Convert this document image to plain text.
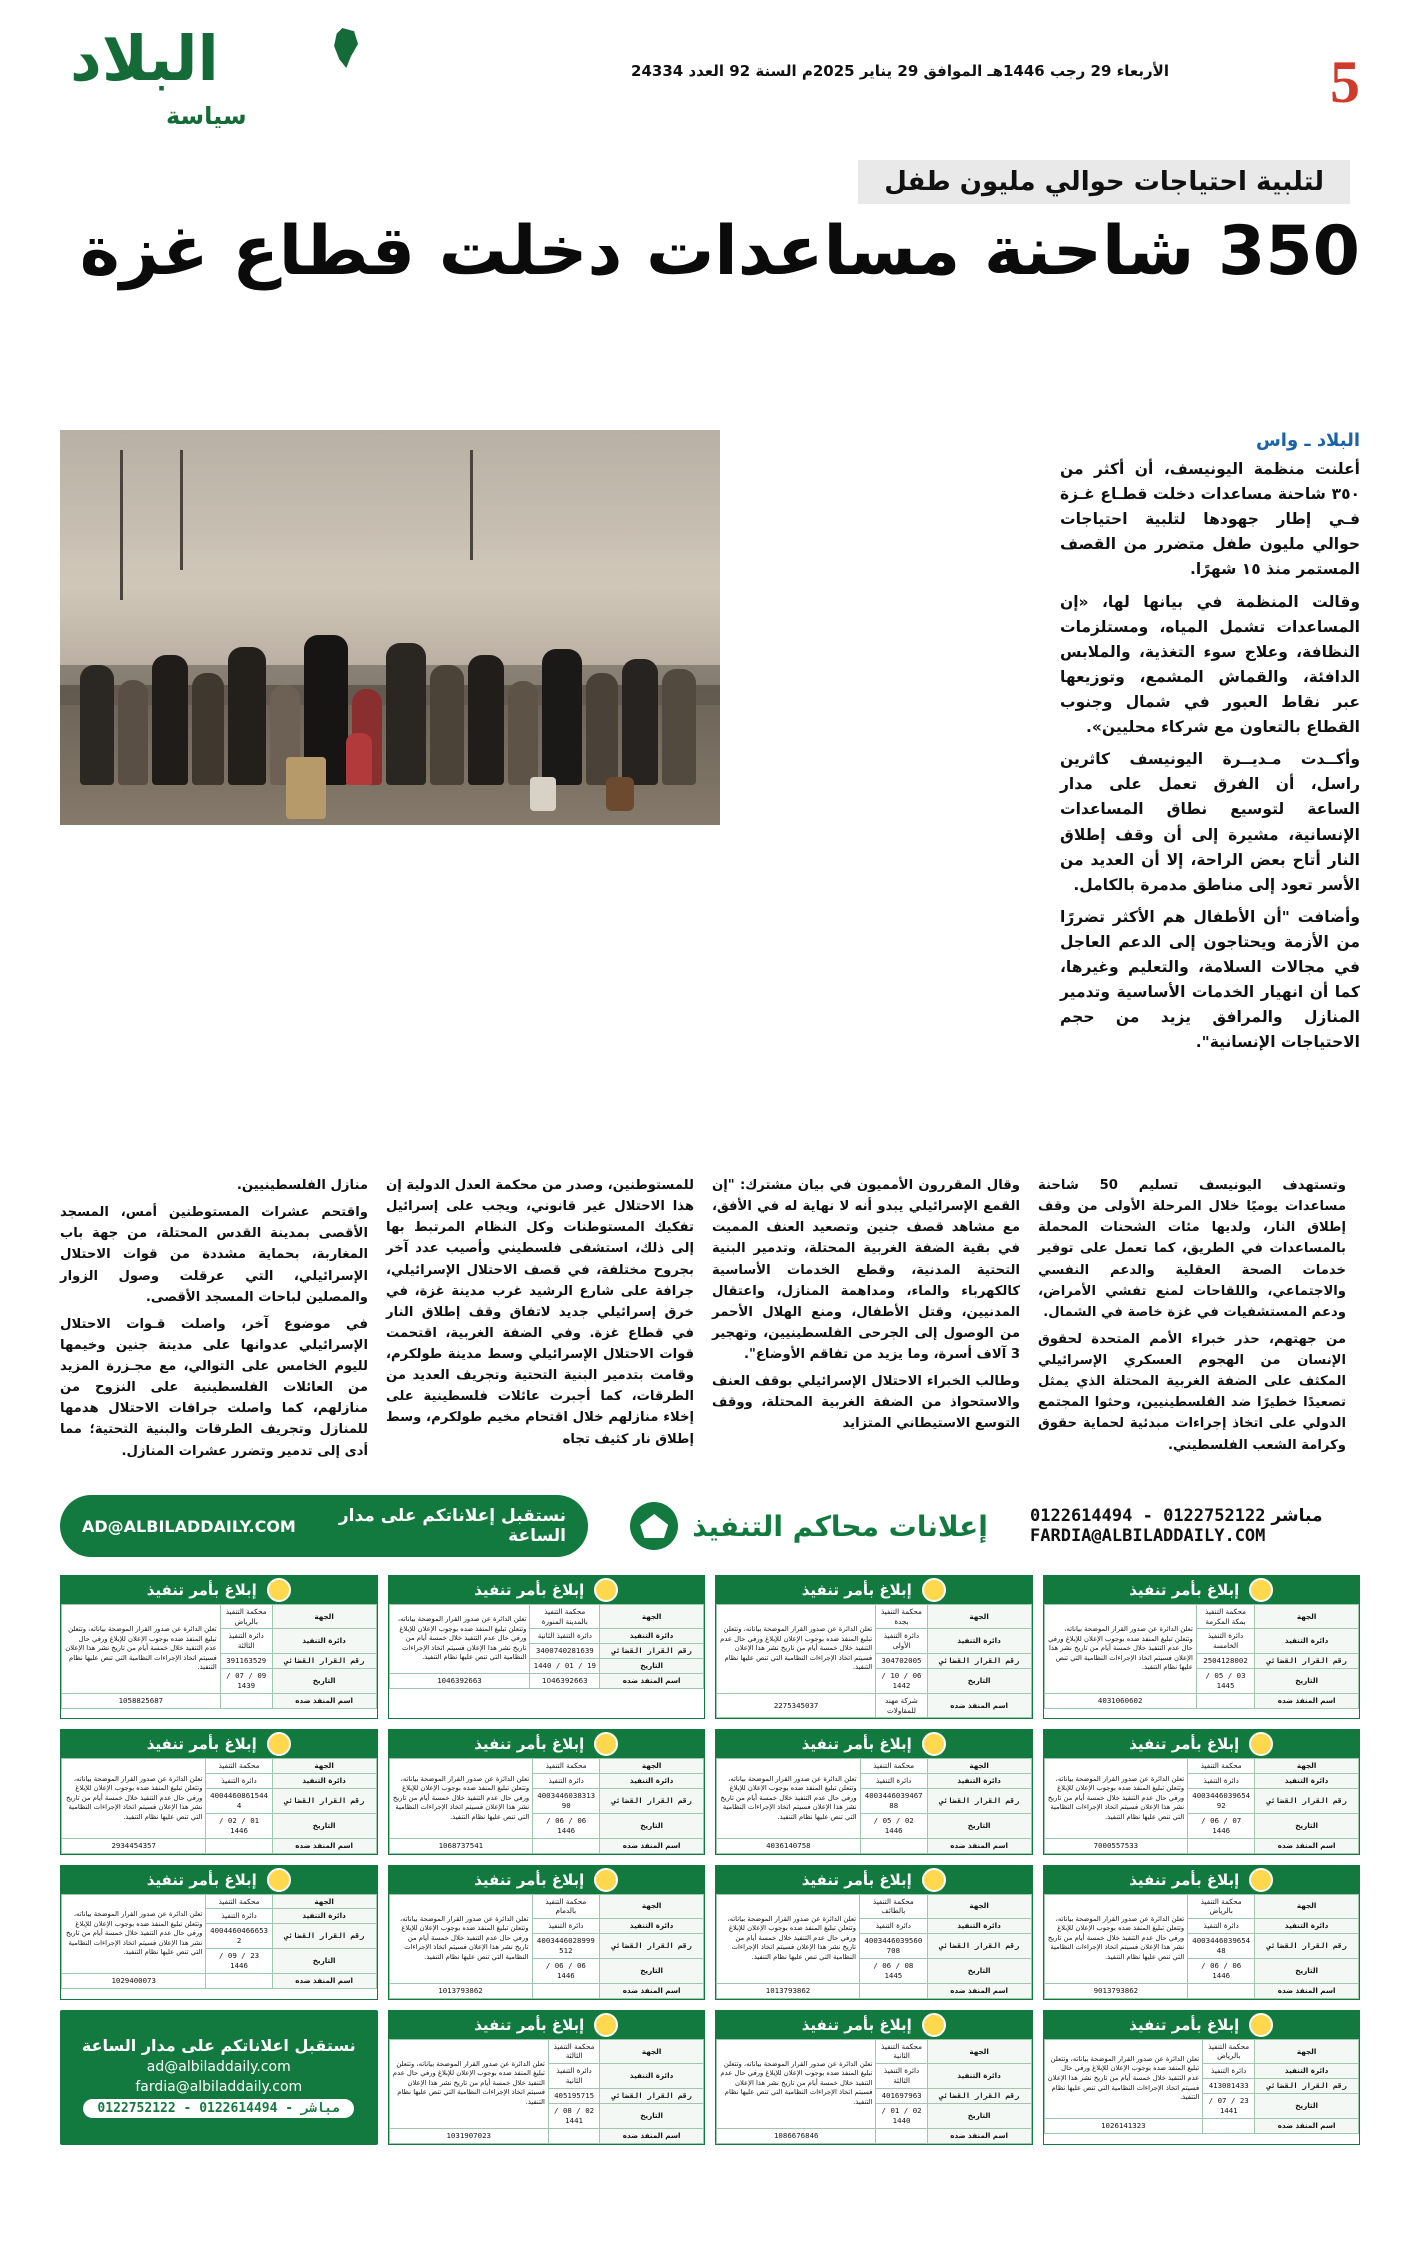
5
البلاد
سياسة
الأربعاء 29 رجب 1446هـ الموافق 29 يناير 2025م السنة 92 العدد 24334
لتلبية احتياجات حوالي مليون طفل
350 شاحنة مساعدات دخلت قطاع غزة
البلاد ـ واس

أعلنت منظمة اليونيسف، أن أكثر من ٣٥٠ شاحنة مساعدات دخلت قطـاع غـزة فـي إطار جهودها لتلبية احتياجات حوالي مليون طفل متضرر من القصف المستمر منذ ١٥ شهرًا.

وقالت المنظمة في بيانها لها، «إن المساعدات تشمل المياه، ومستلزمات النظافة، وعلاج سوء التغذية، والملابس الدافئة، والقماش المشمع، وتوزيعها عبر نقاط العبور في شمال وجنوب القطاع بالتعاون مع شركاء محليين».

وأكــدت مـديــرة اليونيسف كاثرين راسل، أن الفرق تعمل على مدار الساعة لتوسيع نطاق المساعدات الإنسانية، مشيرة إلى أن وقف إطلاق النار أتاح بعض الراحة، إلا أن العديد من الأسر تعود إلى مناطق مدمرة بالكامل.

وأضافت "أن الأطفال هم الأكثر تضررًا من الأزمة ويحتاجون إلى الدعم العاجل في مجالات السلامة، والتعليم وغيرها، كما أن انهيار الخدمات الأساسية وتدمير المنازل والمرافق يزيد من حجم الاحتياجات الإنسانية".

منازل الفلسطينيين.

واقتحم عشرات المستوطنين أمس، المسجد الأقصى بمدينة القدس المحتلة، من جهة باب المغاربة، بحماية مشددة من قوات الاحتلال الإسرائيلي، التي عرقلت وصول الزوار والمصلين لباحات المسجد الأقصى.

في موضوع آخر، واصلت قـوات الاحتلال الإسرائيلي عدوانها على مدينة جنين وخيمها لليوم الخامس على التوالي، مع مجـزرة المزيد من العائلات الفلسطينية على النزوح من منازلهم، كما واصلت جرافات الاحتلال هدمها للمنازل وتجريف الطرقات والبنية التحتية؛ مما أدى إلى تدمير وتضرر عشرات المنازل.

للمستوطنين، وصدر من محكمة العدل الدولية إن هذا الاحتلال غير قانوني، ويجب على إسرائيل تفكيك المستوطنات وكل النظام المرتبط بها إلى ذلك، استشفى فلسطيني وأصيب عدد آخر بجروح مختلفة، في قصف الاحتلال الإسرائيلي، جرافة على شارع الرشيد غرب مدينة غزة، في خرق إسرائيلي جديد لاتفاق وقف إطلاق النار في قطاع غزة. وفي الضفة الغربية، اقتحمت قوات الاحتلال الإسرائيلي وسط مدينة طولكرم، وقامت بتدمير البنية التحتية وتجريف العديد من الطرقات، كما أجبرت عائلات فلسطينية على إخلاء منازلهم خلال اقتحام مخيم طولكرم، وسط إطلاق نار كثيف تجاه

وقال المقررون الأمميون في بيان مشترك: "إن القمع الإسرائيلي يبدو أنه لا نهاية له في الأفق، مع مشاهد قصف جنين وتصعيد العنف المميت في بقية الضفة الغربية المحتلة، وتدمير البنية التحتية المدنية، وقطع الخدمات الأساسية كالكهرباء والماء، ومداهمة المنازل، واعتقال المدنيين، وقتل الأطفال، ومنع الهلال الأحمر من الوصول إلى الجرحى الفلسطينيين، وتهجير 3 آلاف أسرة، وما يزيد من تفاقم الأوضاع".

وطالب الخبراء الاحتلال الإسرائيلي بوقف العنف والاستحواذ من الضفة الغربية المحتلة، ووقف التوسع الاستيطاني المتزايد

وتستهدف اليونيسف تسليم 50 شاحنة مساعدات يوميًا خلال المرحلة الأولى من وقف إطلاق النار، ولديها مئات الشحنات المحملة بالمساعدات في الطريق، كما تعمل على توفير خدمات الصحة العقلية والدعم النفسي والاجتماعي، واللقاحات لمنع تفشي الأمراض، ودعم المستشفيات في غزة خاصة في الشمال.

من جهتهم، حذر خبراء الأمم المتحدة لحقوق الإنسان من الهجوم العسكري الإسرائيلي المكثف على الضفة الغربية المحتلة الذي يمثل تصعيدًا خطيرًا ضد الفلسطينيين، وحثوا المجتمع الدولي على اتخاذ إجراءات مبدئية لحماية حقوق وكرامة الشعب الفلسطيني.

نستقبل إعلاناتكم على مدار الساعة
AD@ALBILADDAILY.COM	إعلانات محاكم التنفيذ	مباشر 0122752122 - 0122614494
FARDIA@ALBILADDAILY.COM
إبلاغ بأمر تنفيذ
الجهة	محكمة التنفيذ بمكة المكرمة	تعلن الدائرة عن صدور القرار الموضحة بياناته، وتتعلن تبليغ المنفذ ضده بوجوب الإعلان للإبلاغ ورفي حال عدم التنفيذ خلال خمسة أيام من تاريخ نشر هذا الإعلان فسيتم اتخاذ الإجراءات النظامية التي تنص عليها نظام التنفيذ.
دائرة التنفيذ	دائرة التنفيذ الخامسة	
رقم القرار القضائي	2504128002	
التاريخ	03 / 05 / 1445	
اسم المنفذ ضده		4031060602
إبلاغ بأمر تنفيذ
الجهة	محكمة التنفيذ بجدة	تعلن الدائرة عن صدور القرار الموضحة بياناته، وتتعلن تبليغ المنفذ ضده بوجوب الإعلان للإبلاغ ورفي حال عدم التنفيذ خلال خمسة أيام من تاريخ نشر هذا الإعلان فسيتم اتخاذ الإجراءات النظامية التي تنص عليها نظام التنفيذ.
دائرة التنفيذ	دائرة التنفيذ الأولى	
رقم القرار القضائي	304702005	
التاريخ	06 / 10 / 1442	
اسم المنفذ ضده	شركة مهند للمقاولات	2275345037
إبلاغ بأمر تنفيذ
الجهة	محكمة التنفيذ بالمدينة المنورة	تعلن الدائرة عن صدور القرار الموضحة بياناته، وتتعلن تبليغ المنفذ ضده بوجوب الإعلان للإبلاغ ورفي حال عدم التنفيذ خلال خمسة أيام من تاريخ نشر هذا الإعلان فسيتم اتخاذ الإجراءات النظامية التي تنص عليها نظام التنفيذ.
دائرة التنفيذ	دائرة التنفيذ الثانية	
رقم القرار القضائي	3400740281639	
التاريخ	19 / 01 / 1440	
اسم المنفذ ضده	1046392663	1046392663
إبلاغ بأمر تنفيذ
الجهة	محكمة التنفيذ بالرياض	تعلن الدائرة عن صدور القرار الموضحة بياناته، وتتعلن تبليغ المنفذ ضده بوجوب الإعلان للإبلاغ ورفي حال عدم التنفيذ خلال خمسة أيام من تاريخ نشر هذا الإعلان فسيتم اتخاذ الإجراءات النظامية التي تنص عليها نظام التنفيذ.
دائرة التنفيذ	دائرة التنفيذ الثالثة	
رقم القرار القضائي	391163529	
التاريخ	09 / 07 / 1439	
اسم المنفذ ضده		1058825687
إبلاغ بأمر تنفيذ
الجهة	محكمة التنفيذ	تعلن الدائرة عن صدور القرار الموضحة بياناته، وتتعلن تبليغ المنفذ ضده بوجوب الإعلان للإبلاغ ورفي حال عدم التنفيذ خلال خمسة أيام من تاريخ نشر هذا الإعلان فسيتم اتخاذ الإجراءات النظامية التي تنص عليها نظام التنفيذ.
دائرة التنفيذ	دائرة التنفيذ	
رقم القرار القضائي	4003446039654 92	
التاريخ	07 / 06 / 1446	
اسم المنفذ ضده		7000557533
إبلاغ بأمر تنفيذ
الجهة	محكمة التنفيذ	تعلن الدائرة عن صدور القرار الموضحة بياناته، وتتعلن تبليغ المنفذ ضده بوجوب الإعلان للإبلاغ ورفي حال عدم التنفيذ خلال خمسة أيام من تاريخ نشر هذا الإعلان فسيتم اتخاذ الإجراءات النظامية التي تنص عليها نظام التنفيذ.
دائرة التنفيذ	دائرة التنفيذ	
رقم القرار القضائي	4003446039467 88	
التاريخ	02 / 05 / 1446	
اسم المنفذ ضده		4036140758
إبلاغ بأمر تنفيذ
الجهة	محكمة التنفيذ	تعلن الدائرة عن صدور القرار الموضحة بياناته، وتتعلن تبليغ المنفذ ضده بوجوب الإعلان للإبلاغ ورفي حال عدم التنفيذ خلال خمسة أيام من تاريخ نشر هذا الإعلان فسيتم اتخاذ الإجراءات النظامية التي تنص عليها نظام التنفيذ.
دائرة التنفيذ	دائرة التنفيذ	
رقم القرار القضائي	4003446038313 90	
التاريخ	06 / 06 / 1446	
اسم المنفذ ضده		1068737541
إبلاغ بأمر تنفيذ
الجهة	محكمة التنفيذ	تعلن الدائرة عن صدور القرار الموضحة بياناته، وتتعلن تبليغ المنفذ ضده بوجوب الإعلان للإبلاغ ورفي حال عدم التنفيذ خلال خمسة أيام من تاريخ نشر هذا الإعلان فسيتم اتخاذ الإجراءات النظامية التي تنص عليها نظام التنفيذ.
دائرة التنفيذ	دائرة التنفيذ	
رقم القرار القضائي	4004460861544 4	
التاريخ	01 / 02 / 1446	
اسم المنفذ ضده		2934454357
إبلاغ بأمر تنفيذ
الجهة	محكمة التنفيذ بالرياض	تعلن الدائرة عن صدور القرار الموضحة بياناته، وتتعلن تبليغ المنفذ ضده بوجوب الإعلان للإبلاغ ورفي حال عدم التنفيذ خلال خمسة أيام من تاريخ نشر هذا الإعلان فسيتم اتخاذ الإجراءات النظامية التي تنص عليها نظام التنفيذ.
دائرة التنفيذ	دائرة التنفيذ	
رقم القرار القضائي	4003446039654 48	
التاريخ	06 / 06 / 1446	
اسم المنفذ ضده		9013793862
إبلاغ بأمر تنفيذ
الجهة	محكمة التنفيذ بالطائف	تعلن الدائرة عن صدور القرار الموضحة بياناته، وتتعلن تبليغ المنفذ ضده بوجوب الإعلان للإبلاغ ورفي حال عدم التنفيذ خلال خمسة أيام من تاريخ نشر هذا الإعلان فسيتم اتخاذ الإجراءات النظامية التي تنص عليها نظام التنفيذ.
دائرة التنفيذ	دائرة التنفيذ	
رقم القرار القضائي	4003446039560 708	
التاريخ	08 / 06 / 1445	
اسم المنفذ ضده		1013793862
إبلاغ بأمر تنفيذ
الجهة	محكمة التنفيذ بالدمام	تعلن الدائرة عن صدور القرار الموضحة بياناته، وتتعلن تبليغ المنفذ ضده بوجوب الإعلان للإبلاغ ورفي حال عدم التنفيذ خلال خمسة أيام من تاريخ نشر هذا الإعلان فسيتم اتخاذ الإجراءات النظامية التي تنص عليها نظام التنفيذ.
دائرة التنفيذ	دائرة التنفيذ	
رقم القرار القضائي	4003446028999 512	
التاريخ	06 / 06 / 1446	
اسم المنفذ ضده		1013793862
إبلاغ بأمر تنفيذ
الجهة	محكمة التنفيذ	تعلن الدائرة عن صدور القرار الموضحة بياناته، وتتعلن تبليغ المنفذ ضده بوجوب الإعلان للإبلاغ ورفي حال عدم التنفيذ خلال خمسة أيام من تاريخ نشر هذا الإعلان فسيتم اتخاذ الإجراءات النظامية التي تنص عليها نظام التنفيذ.
دائرة التنفيذ	دائرة التنفيذ	
رقم القرار القضائي	4004460466653 2	
التاريخ	23 / 09 / 1446	
اسم المنفذ ضده		1029400073
إبلاغ بأمر تنفيذ
الجهة	محكمة التنفيذ بالرياض	تعلن الدائرة عن صدور القرار الموضحة بياناته، وتتعلن تبليغ المنفذ ضده بوجوب الإعلان للإبلاغ ورفي حال عدم التنفيذ خلال خمسة أيام من تاريخ نشر هذا الإعلان فسيتم اتخاذ الإجراءات النظامية التي تنص عليها نظام التنفيذ.
دائرة التنفيذ	دائرة التنفيذ	
رقم القرار القضائي	413081433	
التاريخ	23 / 07 / 1441	
اسم المنفذ ضده		1026141323
إبلاغ بأمر تنفيذ
الجهة	محكمة التنفيذ الثانية	تعلن الدائرة عن صدور القرار الموضحة بياناته، وتتعلن تبليغ المنفذ ضده بوجوب الإعلان للإبلاغ ورفي حال عدم التنفيذ خلال خمسة أيام من تاريخ نشر هذا الإعلان فسيتم اتخاذ الإجراءات النظامية التي تنص عليها نظام التنفيذ.
دائرة التنفيذ	دائرة التنفيذ الثالثة	
رقم القرار القضائي	401697963	
التاريخ	02 / 01 / 1440	
اسم المنفذ ضده		1086676846
إبلاغ بأمر تنفيذ
الجهة	محكمة التنفيذ الثالثة	تعلن الدائرة عن صدور القرار الموضحة بياناته، وتتعلن تبليغ المنفذ ضده بوجوب الإعلان للإبلاغ ورفي حال عدم التنفيذ خلال خمسة أيام من تاريخ نشر هذا الإعلان فسيتم اتخاذ الإجراءات النظامية التي تنص عليها نظام التنفيذ.
دائرة التنفيذ	دائرة التنفيذ الثانية	
رقم القرار القضائي	405195715	
التاريخ	02 / 08 / 1441	
اسم المنفذ ضده		1031907023
نستقبل اعلاناتكم على مدار الساعة
ad@albiladdaily.com
fardia@albiladdaily.com
مباشر - 0122614494 - 0122752122
